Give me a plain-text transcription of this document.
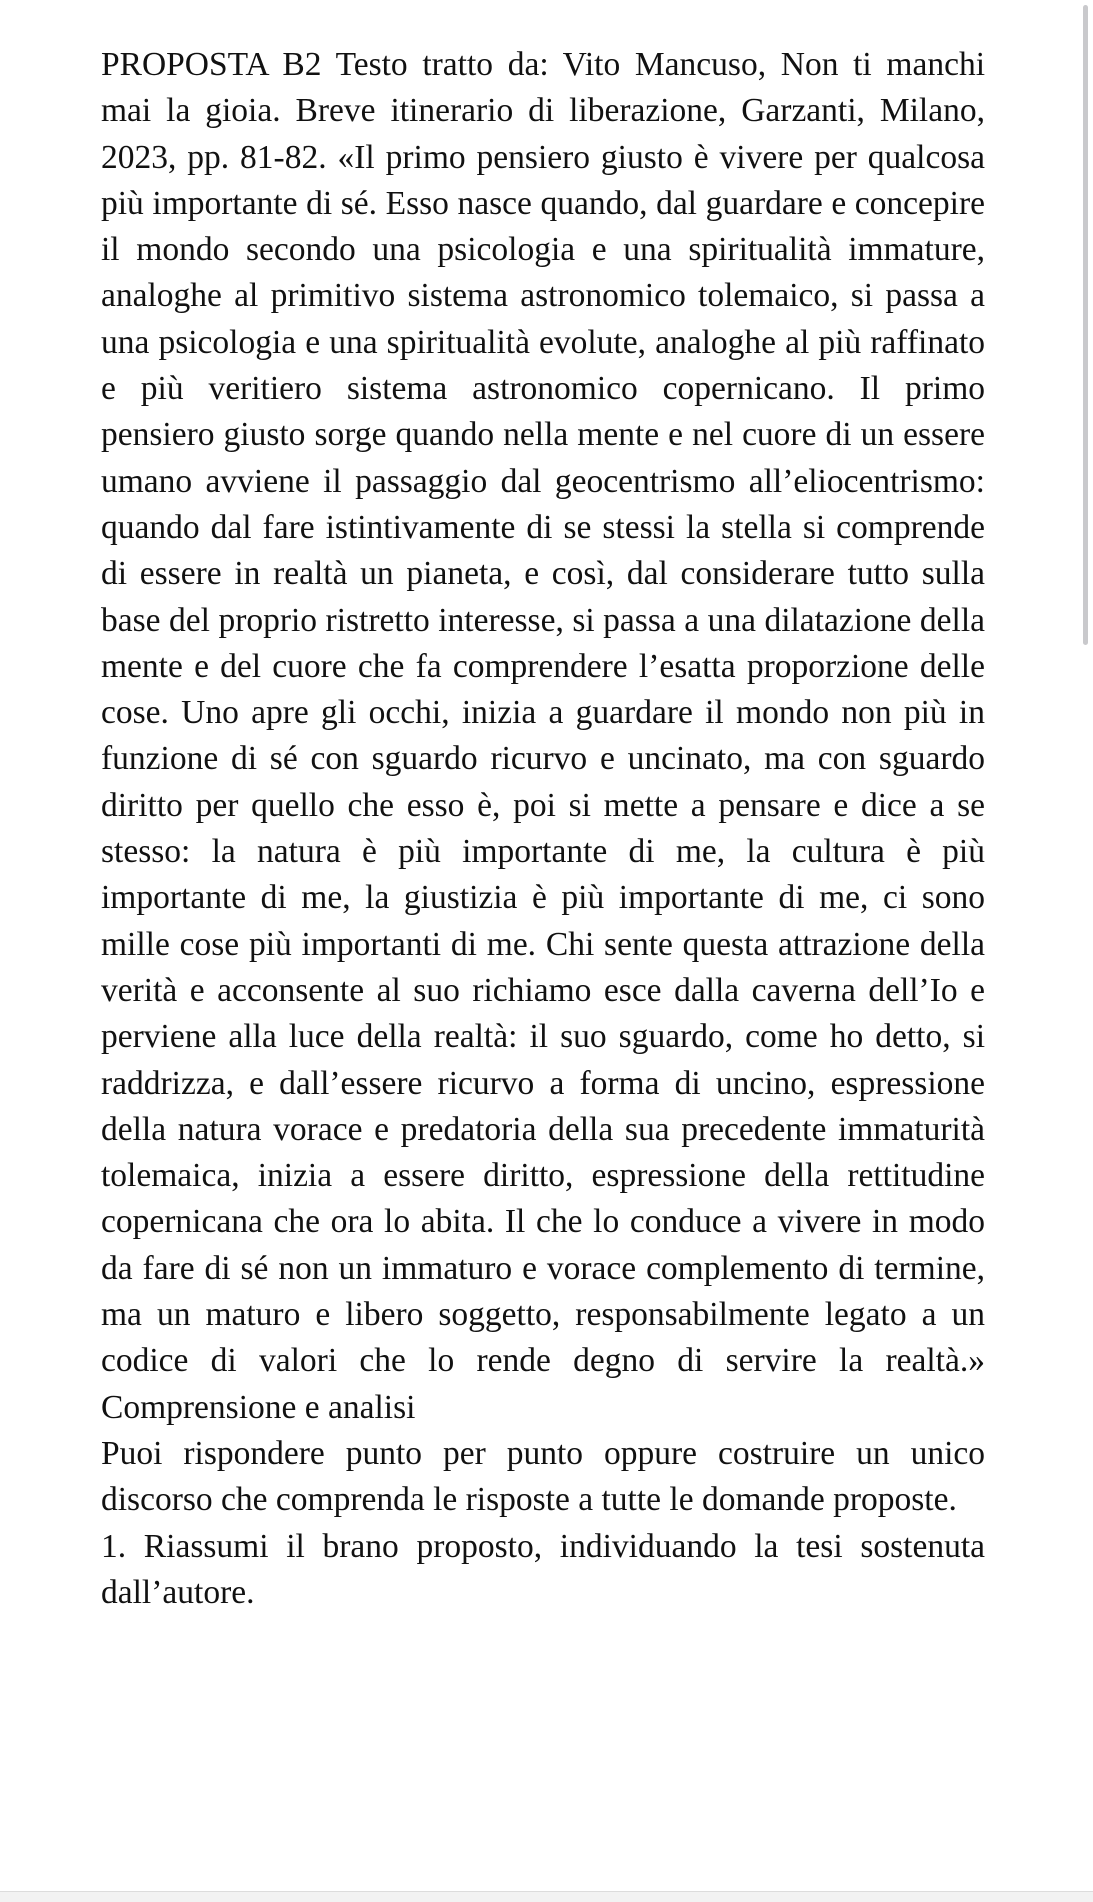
PROPOSTA B2 Testo tratto da: Vito Mancuso, Non ti manchi mai la gioia. Breve itinerario di liberazione, Garzanti, Milano, 2023, pp. 81-82. «Il primo pensiero giusto è vivere per qualcosa più importante di sé. Esso nasce quando, dal guardare e concepire il mondo secondo una psicologia e una spiritualità immature, analoghe al primitivo sistema astronomico tolemaico, si passa a una psicologia e una spiritualità evolute, analoghe al più raffinato e più veritiero sistema astronomico copernicano. Il primo pensiero giusto sorge quando nella mente e nel cuore di un essere umano avviene il passaggio dal geocentrismo all’eliocentrismo: quando dal fare istintivamente di se stessi la stella si comprende di essere in realtà un pianeta, e così, dal considerare tutto sulla base del proprio ristretto interesse, si passa a una dilatazione della mente e del cuore che fa comprendere l’esatta proporzione delle cose. Uno apre gli occhi, inizia a guardare il mondo non più in funzione di sé con sguardo ricurvo e uncinato, ma con sguardo diritto per quello che esso è, poi si mette a pensare e dice a se stesso: la natura è più importante di me, la cultura è più importante di me, la giustizia è più importante di me, ci sono mille cose più importanti di me. Chi sente questa attrazione della verità e acconsente al suo richiamo esce dalla caverna dell’Io e perviene alla luce della realtà: il suo sguardo, come ho detto, si raddrizza, e dall’essere ricurvo a forma di uncino, espressione della natura vorace e predatoria della sua precedente immaturità tolemaica, inizia a essere diritto, espressione della rettitudine copernicana che ora lo abita. Il che lo conduce a vivere in modo da fare di sé non un immaturo e vorace complemento di termine, ma un maturo e libero soggetto, responsabilmente legato a un codice di valori che lo rende degno di servire la realtà.» Comprensione e analisi

Puoi rispondere punto per punto oppure costruire un unico discorso che comprenda le risposte a tutte le domande proposte.

1. Riassumi il brano proposto, individuando la tesi sostenuta dall’autore.
